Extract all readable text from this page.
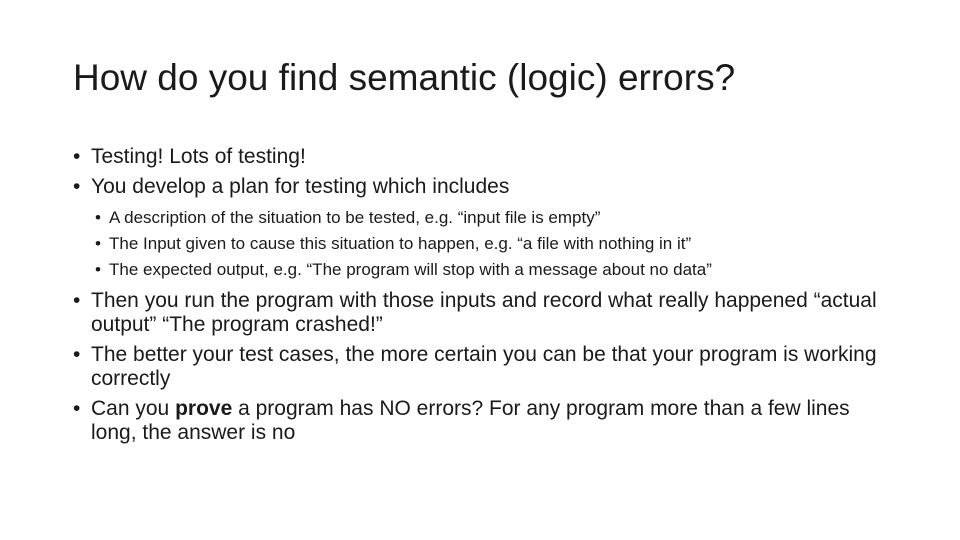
How do you find semantic (logic) errors?
• Testing! Lots of testing!
• You develop a plan for testing which includes
• A description of the situation to be tested, e.g. “input file is empty”
• The Input given to cause this situation to happen, e.g. “a file with nothing in it”
• The expected output, e.g. “The program will stop with a message about no data”
• Then you run the program with those inputs and record what really happened “actual output” “The program crashed!”
• The better your test cases, the more certain you can be that your program is working correctly
• Can you prove a program has NO errors? For any program more than a few lines long, the answer is no
